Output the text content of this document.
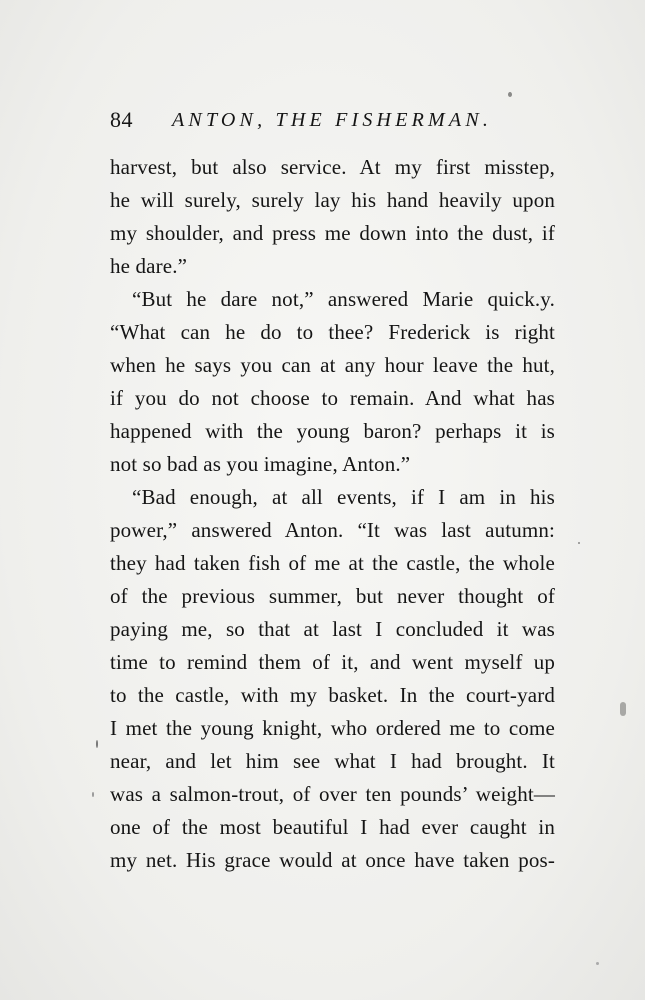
84 ANTON, THE FISHERMAN.
harvest, but also service. At my first misstep,
he will surely, surely lay his hand heavily upon
my shoulder, and press me down into the dust, if
he dare.”
“But he dare not,” answered Marie quick.y.
“What can he do to thee? Frederick is right
when he says you can at any hour leave the hut,
if you do not choose to remain. And what has
happened with the young baron? perhaps it is
not so bad as you imagine, Anton.”
“Bad enough, at all events, if I am in his
power,” answered Anton. “It was last autumn:
they had taken fish of me at the castle, the whole
of the previous summer, but never thought of
paying me, so that at last I concluded it was
time to remind them of it, and went myself up
to the castle, with my basket. In the court-yard
I met the young knight, who ordered me to come
near, and let him see what I had brought. It
was a salmon-trout, of over ten pounds’ weight—
one of the most beautiful I had ever caught in
my net. His grace would at once have taken pos-
